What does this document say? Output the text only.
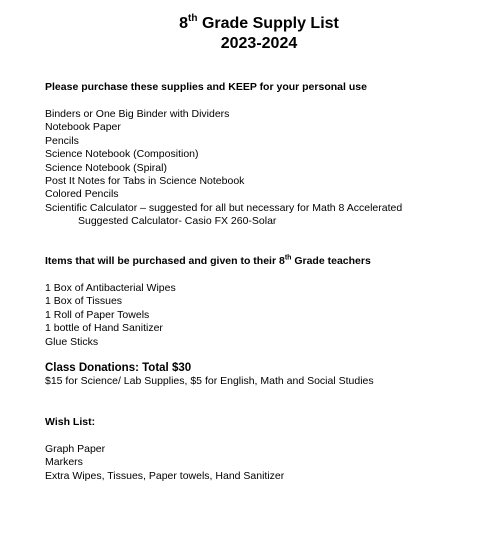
8th Grade Supply List
2023-2024
Please purchase these supplies and KEEP for your personal use
Binders or One Big Binder with Dividers
Notebook Paper
Pencils
Science Notebook (Composition)
Science Notebook (Spiral)
Post It Notes for Tabs in Science Notebook
Colored Pencils
Scientific Calculator – suggested for all but necessary for Math 8 Accelerated
Suggested Calculator- Casio FX 260-Solar
Items that will be purchased and given to their 8th Grade teachers
1 Box of Antibacterial Wipes
1 Box of Tissues
1 Roll of Paper Towels
1 bottle of Hand Sanitizer
Glue Sticks
Class Donations: Total $30
$15 for Science/ Lab Supplies, $5 for English, Math and Social Studies
Wish List:
Graph Paper
Markers
Extra Wipes, Tissues, Paper towels, Hand Sanitizer
